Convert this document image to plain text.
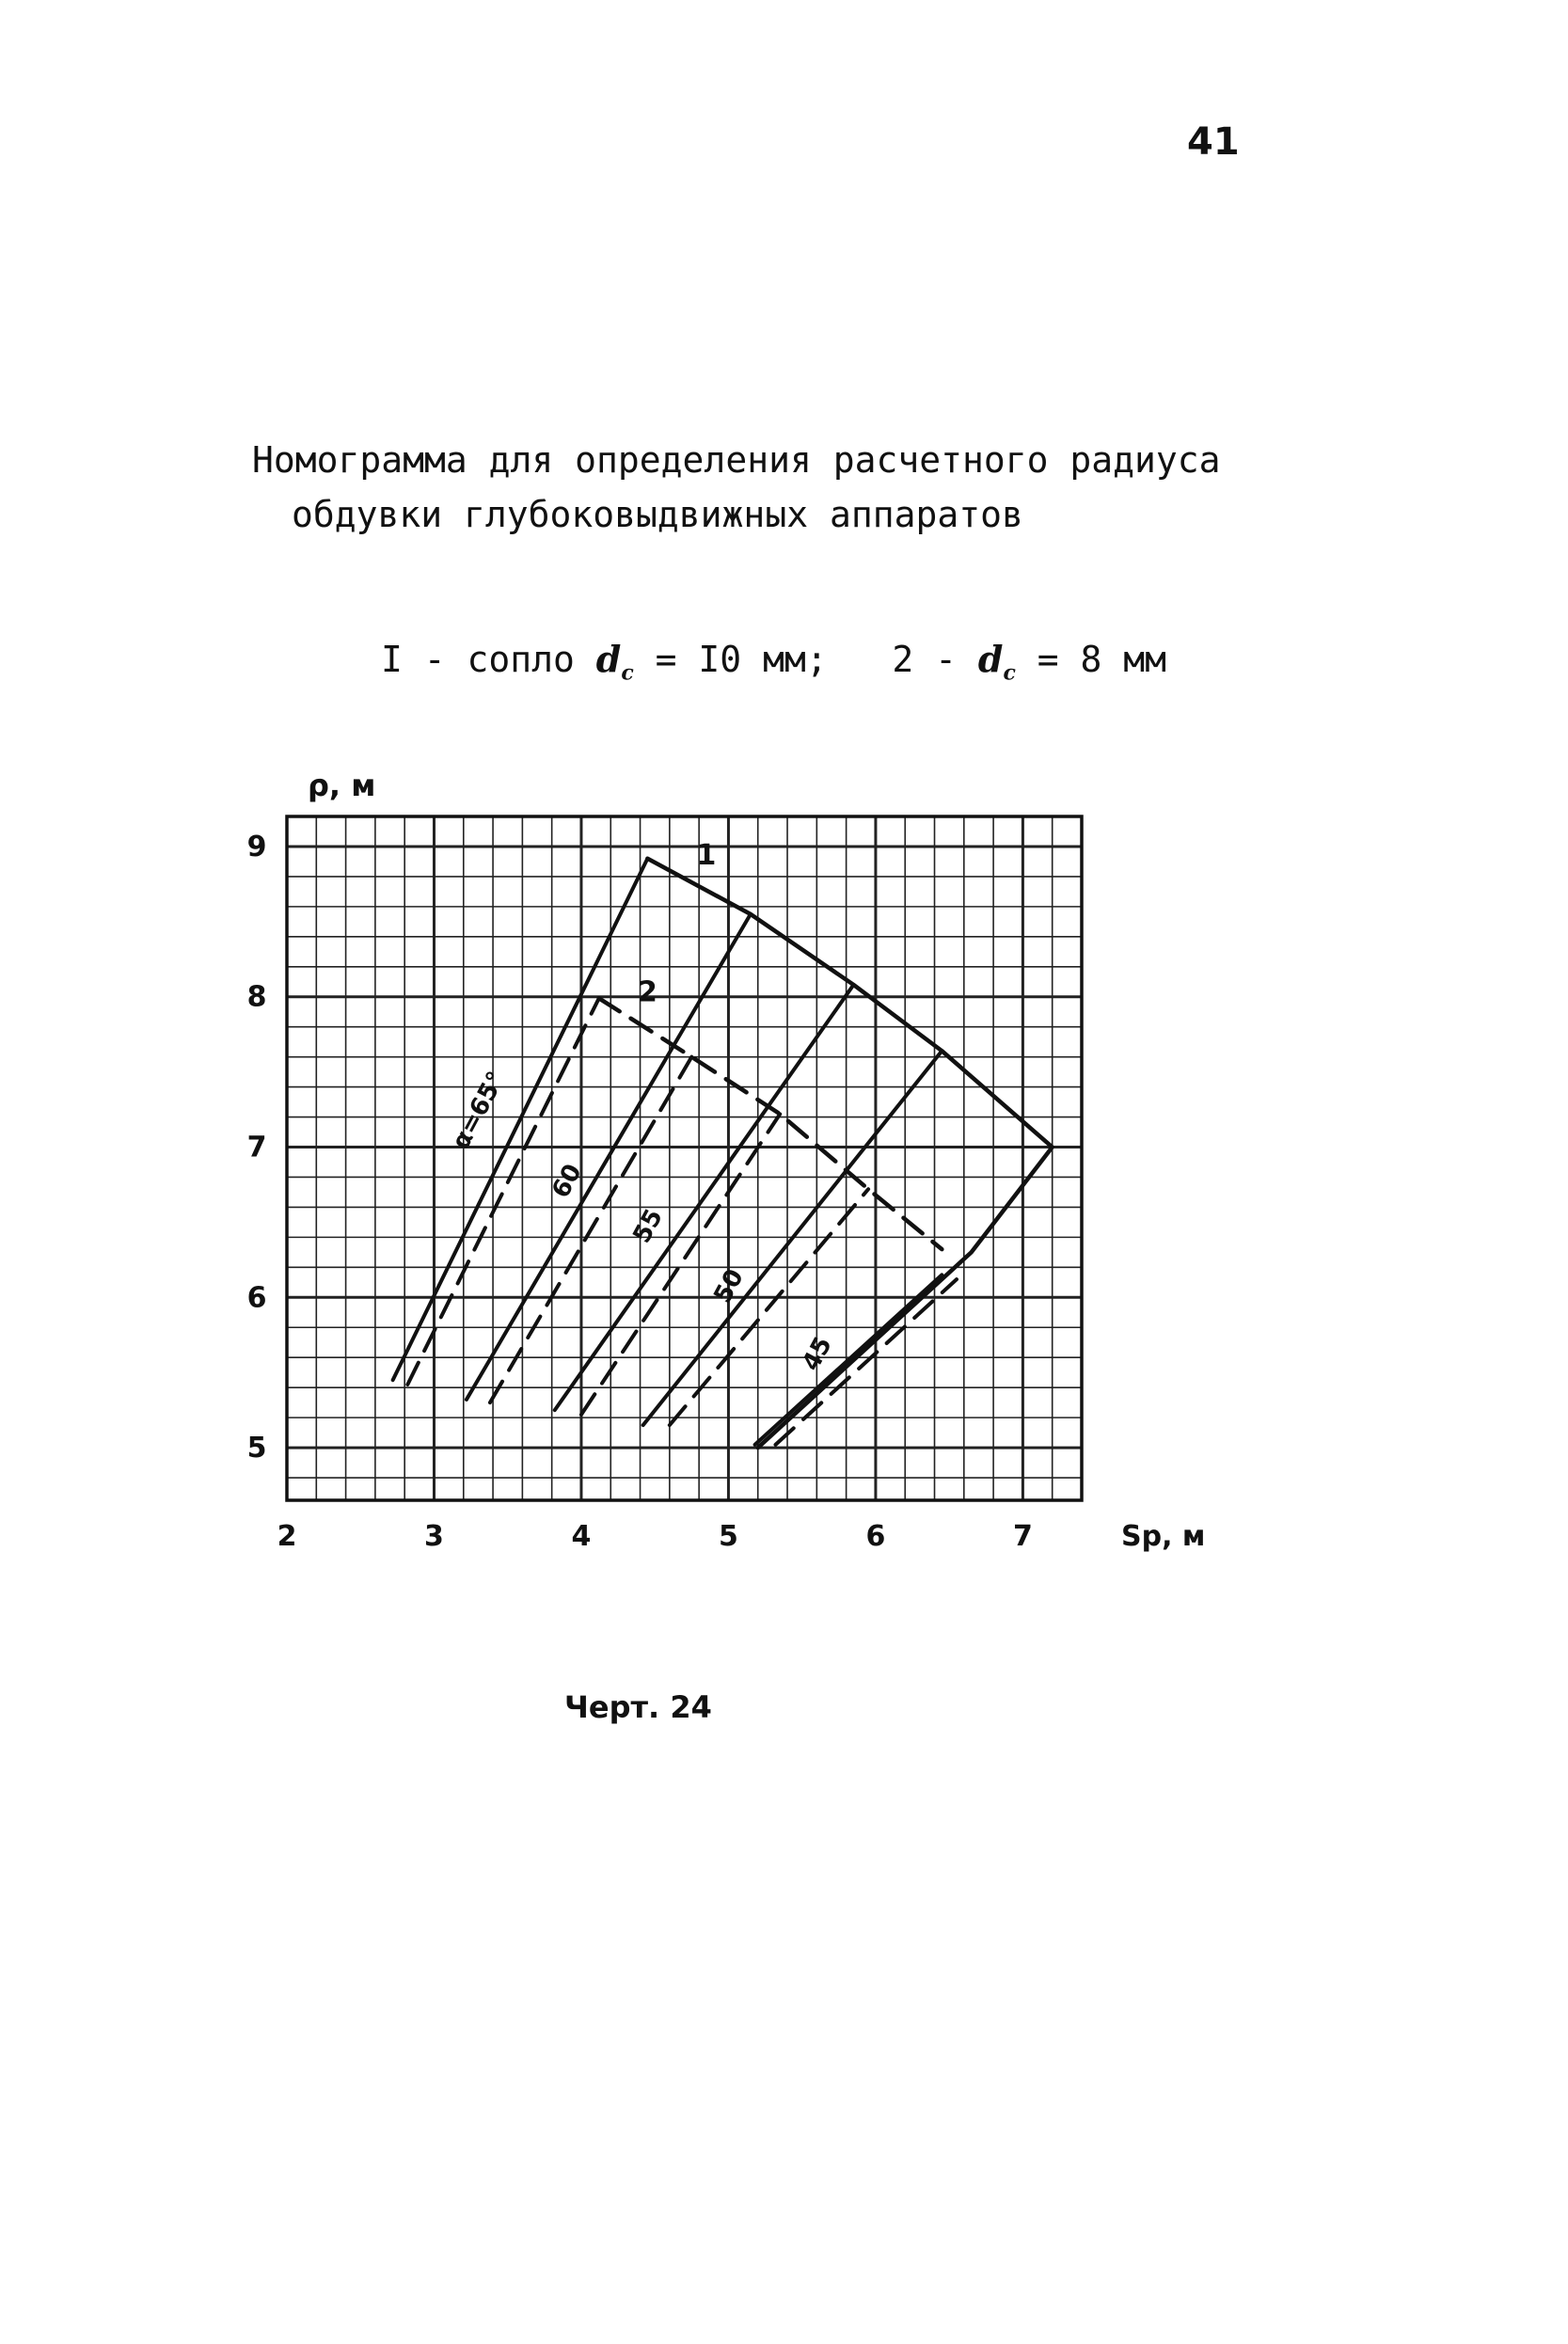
41
Номограмма для определения расчетного радиуса
обдувки глубоковыдвижных аппаратов
I - сопло $d_c = I0$ мм; $2 - d_c = 8$ мм
2	3	4	5	6	7
5
6
7
8
9
Sp, м
ρ, м
1
2
α=65°
60
55
50
45
Черт. 24
